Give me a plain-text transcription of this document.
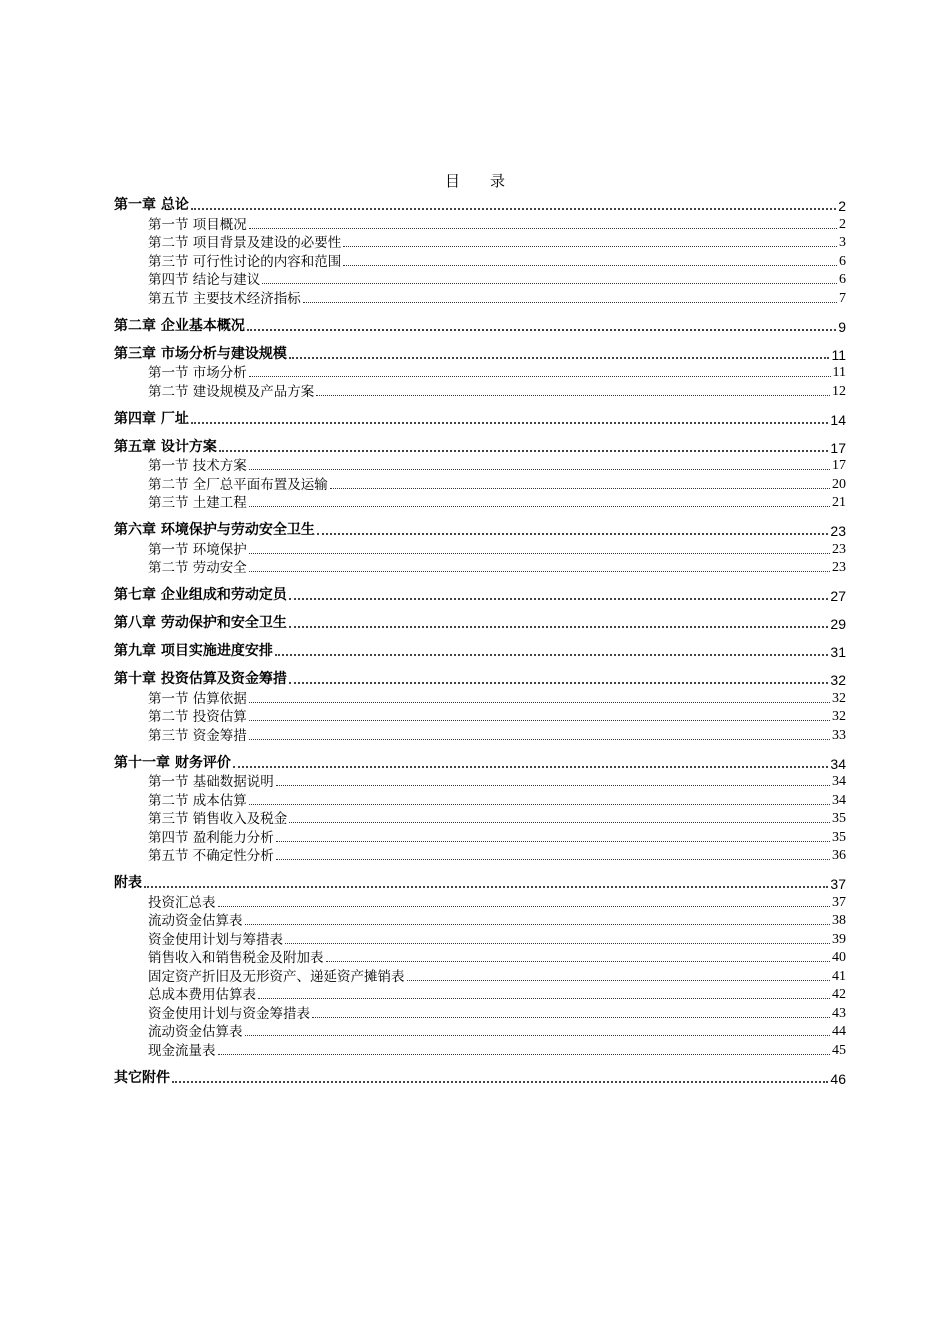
目录
第一章 总论	2
第一节 项目概况	2
第二节 项目背景及建设的必要性	3
第三节 可行性讨论的内容和范围	6
第四节 结论与建议	6
第五节 主要技术经济指标	7
第二章 企业基本概况	9
第三章 市场分析与建设规模	11
第一节 市场分析	11
第二节 建设规模及产品方案	12
第四章 厂址	14
第五章 设计方案	17
第一节 技术方案	17
第二节 全厂总平面布置及运输	20
第三节 土建工程	21
第六章 环境保护与劳动安全卫生	23
第一节 环境保护	23
第二节 劳动安全	23
第七章 企业组成和劳动定员	27
第八章 劳动保护和安全卫生	29
第九章 项目实施进度安排	31
第十章 投资估算及资金筹措	32
第一节 估算依据	32
第二节 投资估算	32
第三节 资金筹措	33
第十一章 财务评价	34
第一节 基础数据说明	34
第二节 成本估算	34
第三节 销售收入及税金	35
第四节 盈利能力分析	35
第五节 不确定性分析	36
附表	37
投资汇总表	37
流动资金估算表	38
资金使用计划与筹措表	39
销售收入和销售税金及附加表	40
固定资产折旧及无形资产、递延资产摊销表	41
总成本费用估算表	42
资金使用计划与资金筹措表	43
流动资金估算表	44
现金流量表	45
其它附件	46
